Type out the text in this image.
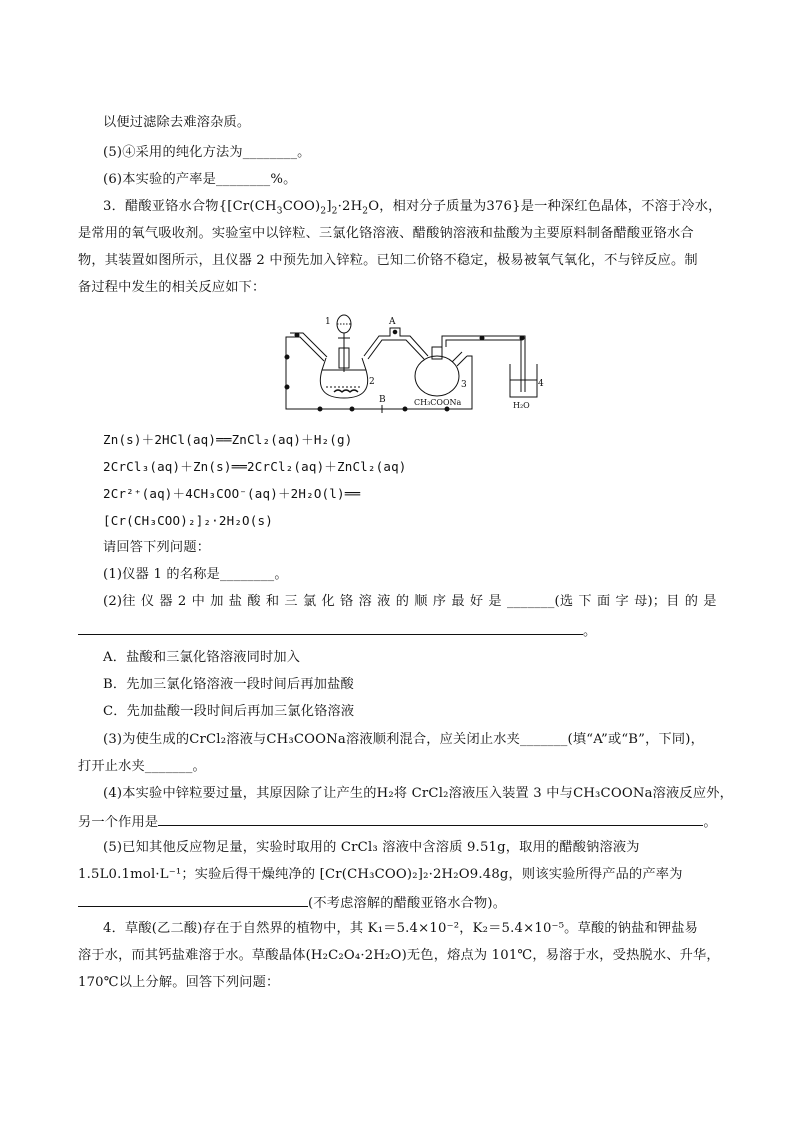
以便过滤除去难溶杂质。
(5)④采用的纯化方法为________。
(6)本实验的产率是________%。
3．醋酸亚铬水合物{$[Cr(CH_3COO)_2]_2\cdot 2H_2O$，相对分子质量为376}是一种深红色晶体，不溶于冷水，
是常用的氧气吸收剂。实验室中以锌粒、三氯化铬溶液、醋酸钠溶液和盐酸为主要原料制备醋酸亚铬水合
物，其装置如图所示，且仪器 2 中预先加入锌粒。已知二价铬不稳定，极易被氧气氧化，不与锌反应。制
备过程中发生的相关反应如下：
1
2	3	4
A
B	CH₃COONa	H₂O
Zn(s)＋2HCl(aq)══ZnCl₂(aq)＋H₂(g)
2CrCl₃(aq)＋Zn(s)══2CrCl₂(aq)＋ZnCl₂(aq)
2Cr²⁺(aq)＋4CH₃COO⁻(aq)＋2H₂O(l)══
[Cr(CH₃COO)₂]₂·2H₂O(s)
请回答下列问题：
(1)仪器 1 的名称是________。
(2)往 仪 器 2 中 加 盐 酸 和 三 氯 化 铬 溶 液 的 顺 序 最 好 是 _______(选 下 面 字 母)；目 的 是
。
A．盐酸和三氯化铬溶液同时加入
B．先加三氯化铬溶液一段时间后再加盐酸
C．先加盐酸一段时间后再加三氯化铬溶液
(3)为使生成的CrCl₂溶液与CH₃COONa溶液顺利混合，应关闭止水夹_______(填“A”或“B”，下同)，
打开止水夹_______。
(4)本实验中锌粒要过量，其原因除了让产生的H₂将 CrCl₂溶液压入装置 3 中与CH₃COONa溶液反应外，
另一个作用是	。
(5)已知其他反应物足量，实验时取用的 CrCl₃ 溶液中含溶质 9.51g，取用的醋酸钠溶液为
1.5L0.1mol·L⁻¹；实验后得干燥纯净的 [Cr(CH₃COO)₂]₂·2H₂O9.48g，则该实验所得产品的产率为
(不考虑溶解的醋酸亚铬水合物)。
4．草酸(乙二酸)存在于自然界的植物中，其 K₁＝5.4×10⁻²，K₂＝5.4×10⁻⁵。草酸的钠盐和钾盐易
溶于水，而其钙盐难溶于水。草酸晶体(H₂C₂O₄·2H₂O)无色，熔点为 101℃，易溶于水，受热脱水、升华，
170℃以上分解。回答下列问题：
